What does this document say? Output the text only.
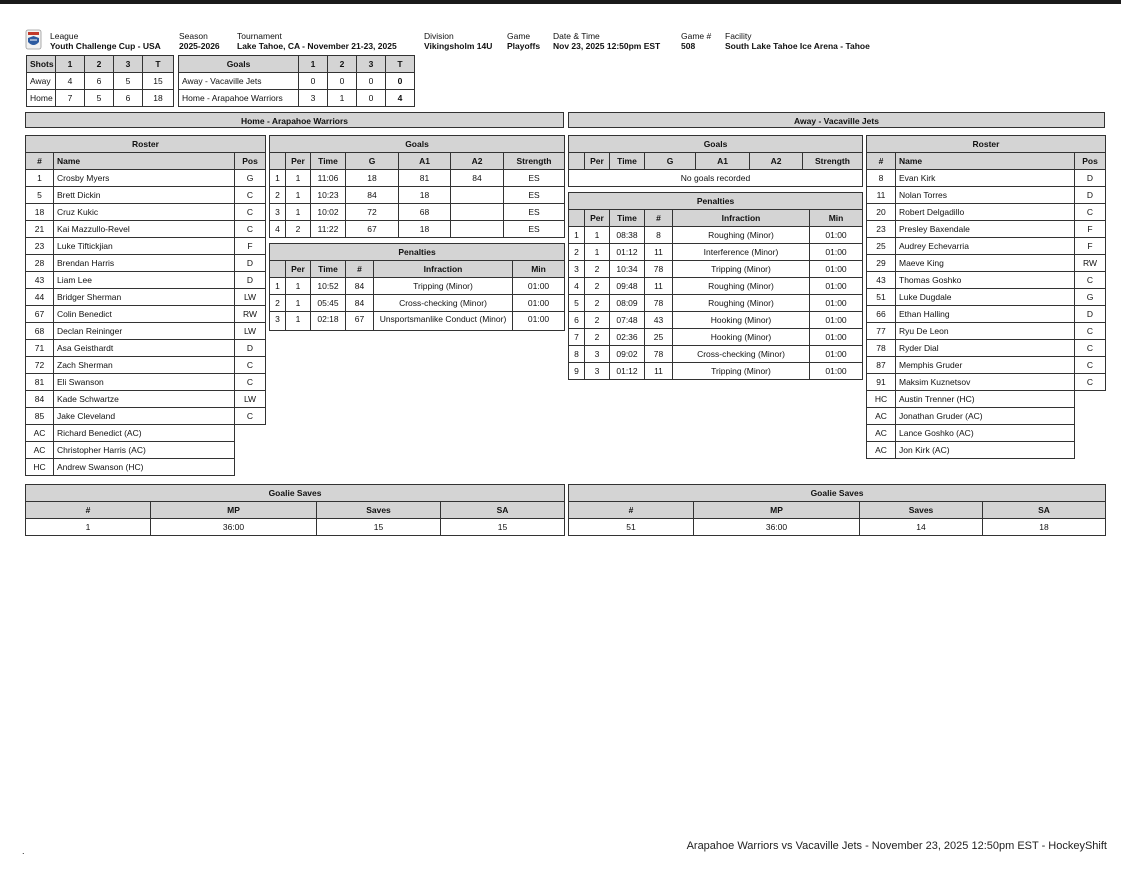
League
Youth Challenge Cup - USA
Season
2025-2026
Tournament
Lake Tahoe, CA - November 21-23, 2025
Division
Vikingsholm 14U
Game
Playoffs
Date & Time
Nov 23, 2025 12:50pm EST
Game #
508
Facility
South Lake Tahoe Ice Arena - Tahoe
Shots	1	2	3	T
Away	4	6	5	15
Home	7	5	6	18
Goals	1	2	3	T
Away - Vacaville Jets	0	0	0	0
Home - Arapahoe Warriors	3	1	0	4
Home - Arapahoe Warriors
Roster		
#	Name	Pos
1	Crosby Myers	G
5	Brett Dickin	C
18	Cruz Kukic	C
21	Kai Mazzullo-Revel	C
23	Luke Tiftickjian	F
28	Brendan Harris	D
43	Liam Lee	D
44	Bridger Sherman	LW
67	Colin Benedict	RW
68	Declan Reininger	LW
71	Asa Geisthardt	D
72	Zach Sherman	C
81	Eli Swanson	C
84	Kade Schwartze	LW
85	Jake Cleveland	C
AC	Richard Benedict (AC)	
AC	Christopher Harris (AC)	
HC	Andrew Swanson (HC)	
Goals						
	Per	Time	G	A1	A2	Strength
1	1	11:06	18	81	84	ES
2	1	10:23	84	18		ES
3	1	10:02	72	68		ES
4	2	11:22	67	18		ES
Penalties					
	Per	Time	#	Infraction	Min
1	1	10:52	84	Tripping (Minor)	01:00
2	1	05:45	84	Cross-checking (Minor)	01:00
3	1	02:18	67	Unsportsmanlike Conduct (Minor)	01:00
Away - Vacaville Jets
Goals
	Per	Time	G	A1	A2	Strength
No goals recorded
Penalties					
	Per	Time	#	Infraction	Min
1	1	08:38	8	Roughing (Minor)	01:00
2	1	01:12	11	Interference (Minor)	01:00
3	2	10:34	78	Tripping (Minor)	01:00
4	2	09:48	11	Roughing (Minor)	01:00
5	2	08:09	78	Roughing (Minor)	01:00
6	2	07:48	43	Hooking (Minor)	01:00
7	2	02:36	25	Hooking (Minor)	01:00
8	3	09:02	78	Cross-checking (Minor)	01:00
9	3	01:12	11	Tripping (Minor)	01:00
Roster		
#	Name	Pos
8	Evan Kirk	D
11	Nolan Torres	D
20	Robert Delgadillo	C
23	Presley Baxendale	F
25	Audrey Echevarria	F
29	Maeve King	RW
43	Thomas Goshko	C
51	Luke Dugdale	G
66	Ethan Halling	D
77	Ryu De Leon	C
78	Ryder Dial	C
87	Memphis Gruder	C
91	Maksim Kuznetsov	C
HC	Austin Trenner (HC)	
AC	Jonathan Gruder (AC)	
AC	Lance Goshko (AC)	
AC	Jon Kirk (AC)	
Goalie Saves			
#	MP	Saves	SA
1	36:00	15	15
Goalie Saves			
#	MP	Saves	SA
51	36:00	14	18
.	Arapahoe Warriors vs Vacaville Jets - November 23, 2025 12:50pm EST - HockeyShift
